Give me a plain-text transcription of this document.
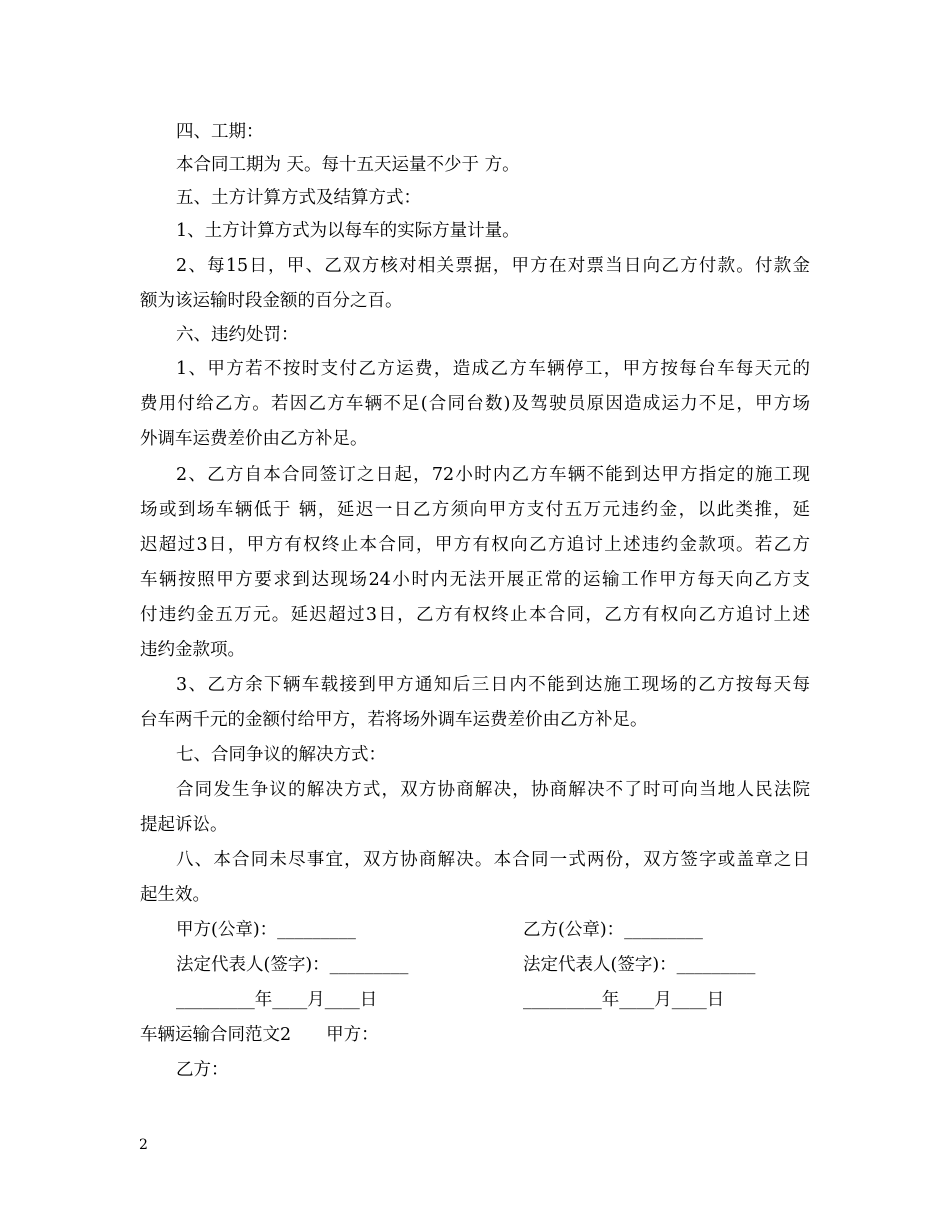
四、工期：
本合同工期为 天。每十五天运量不少于 方。
五、土方计算方式及结算方式：
1、土方计算方式为以每车的实际方量计量。
2、每15日，甲、乙双方核对相关票据，甲方在对票当日向乙方付款。付款金
额为该运输时段金额的百分之百。
六、违约处罚：
1、甲方若不按时支付乙方运费，造成乙方车辆停工，甲方按每台车每天元的
费用付给乙方。若因乙方车辆不足(合同台数)及驾驶员原因造成运力不足，甲方场
外调车运费差价由乙方补足。
2、乙方自本合同签订之日起，72小时内乙方车辆不能到达甲方指定的施工现
场或到场车辆低于 辆，延迟一日乙方须向甲方支付五万元违约金，以此类推，延
迟超过3日，甲方有权终止本合同，甲方有权向乙方追讨上述违约金款项。若乙方
车辆按照甲方要求到达现场24小时内无法开展正常的运输工作甲方每天向乙方支
付违约金五万元。延迟超过3日，乙方有权终止本合同，乙方有权向乙方追讨上述
违约金款项。
3、乙方余下辆车载接到甲方通知后三日内不能到达施工现场的乙方按每天每
台车两千元的金额付给甲方，若将场外调车运费差价由乙方补足。
七、合同争议的解决方式：
合同发生争议的解决方式，双方协商解决，协商解决不了时可向当地人民法院
提起诉讼。
八、本合同未尽事宜，双方协商解决。本合同一式两份，双方签字或盖章之日
起生效。
甲方(公章)：_________	乙方(公章)：_________
法定代表人(签字)：_________	法定代表人(签字)：_________
_________年____月____日	_________年____月____日
车辆运输合同范文2　　甲方：
乙方：
2
